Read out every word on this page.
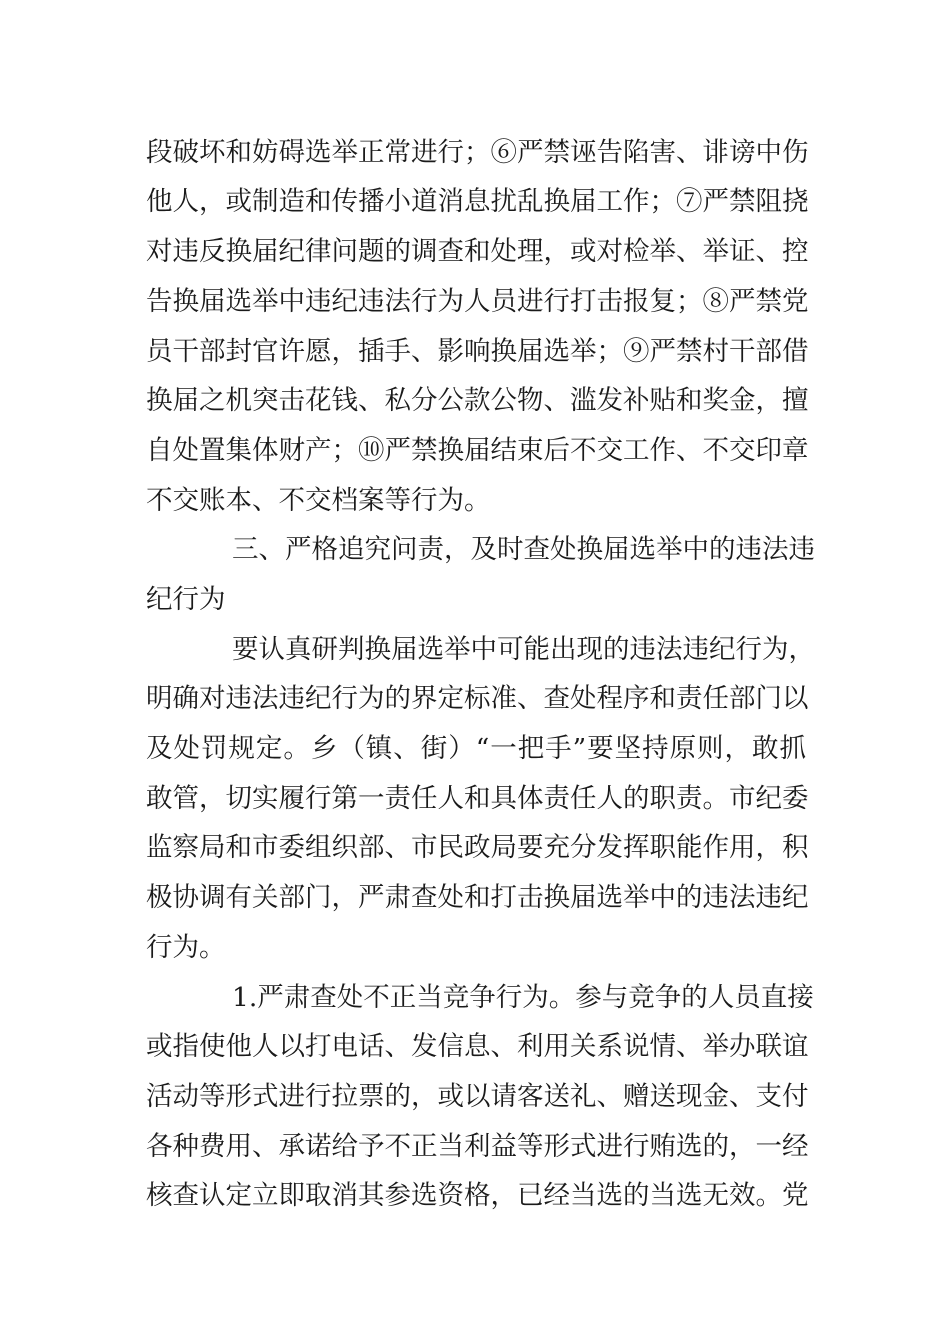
段破坏和妨碍选举正常进行；⑥严禁诬告陷害、诽谤中伤
他人，或制造和传播小道消息扰乱换届工作；⑦严禁阻挠
对违反换届纪律问题的调查和处理，或对检举、举证、控
告换届选举中违纪违法行为人员进行打击报复；⑧严禁党
员干部封官许愿，插手、影响换届选举；⑨严禁村干部借
换届之机突击花钱、私分公款公物、滥发补贴和奖金，擅
自处置集体财产；⑩严禁换届结束后不交工作、不交印章
不交账本、不交档案等行为。
三、严格追究问责，及时查处换届选举中的违法违
纪行为
要认真研判换届选举中可能出现的违法违纪行为，
明确对违法违纪行为的界定标准、查处程序和责任部门以
及处罚规定。乡（镇、街）“一把手”要坚持原则，敢抓
敢管，切实履行第一责任人和具体责任人的职责。市纪委
监察局和市委组织部、市民政局要充分发挥职能作用，积
极协调有关部门，严肃查处和打击换届选举中的违法违纪
行为。
1.严肃查处不正当竞争行为。参与竞争的人员直接
或指使他人以打电话、发信息、利用关系说情、举办联谊
活动等形式进行拉票的，或以请客送礼、赠送现金、支付
各种费用、承诺给予不正当利益等形式进行贿选的，一经
核查认定立即取消其参选资格，已经当选的当选无效。党
